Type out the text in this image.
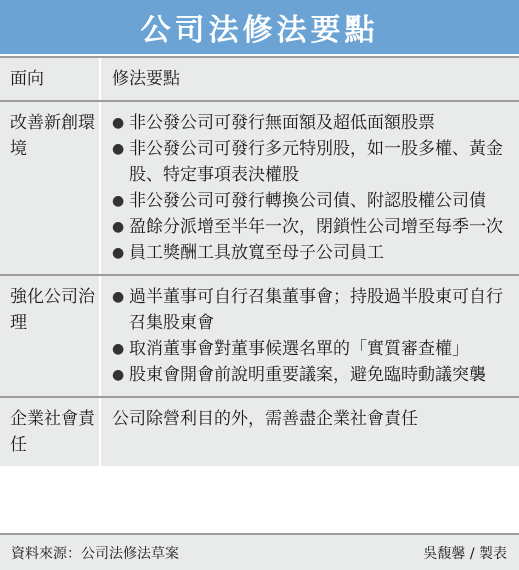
公司法修法要點
面向	修法要點
改善新創環境
● 非公發公司可發行無面額及超低面額股票
● 非公發公司可發行多元特別股，如一股多權、黃金股、特定事項表決權股
● 非公發公司可發行轉換公司債、附認股權公司債
● 盈餘分派增至半年一次，閉鎖性公司增至每季一次
● 員工獎酬工具放寬至母子公司員工
強化公司治理
● 過半董事可自行召集董事會；持股過半股東可自行召集股東會
● 取消董事會對董事候選名單的「實質審查權」
● 股東會開會前說明重要議案，避免臨時動議突襲
企業社會責任
公司除營利目的外，需善盡企業社會責任
資料來源：公司法修法草案	吳馥馨 / 製表
